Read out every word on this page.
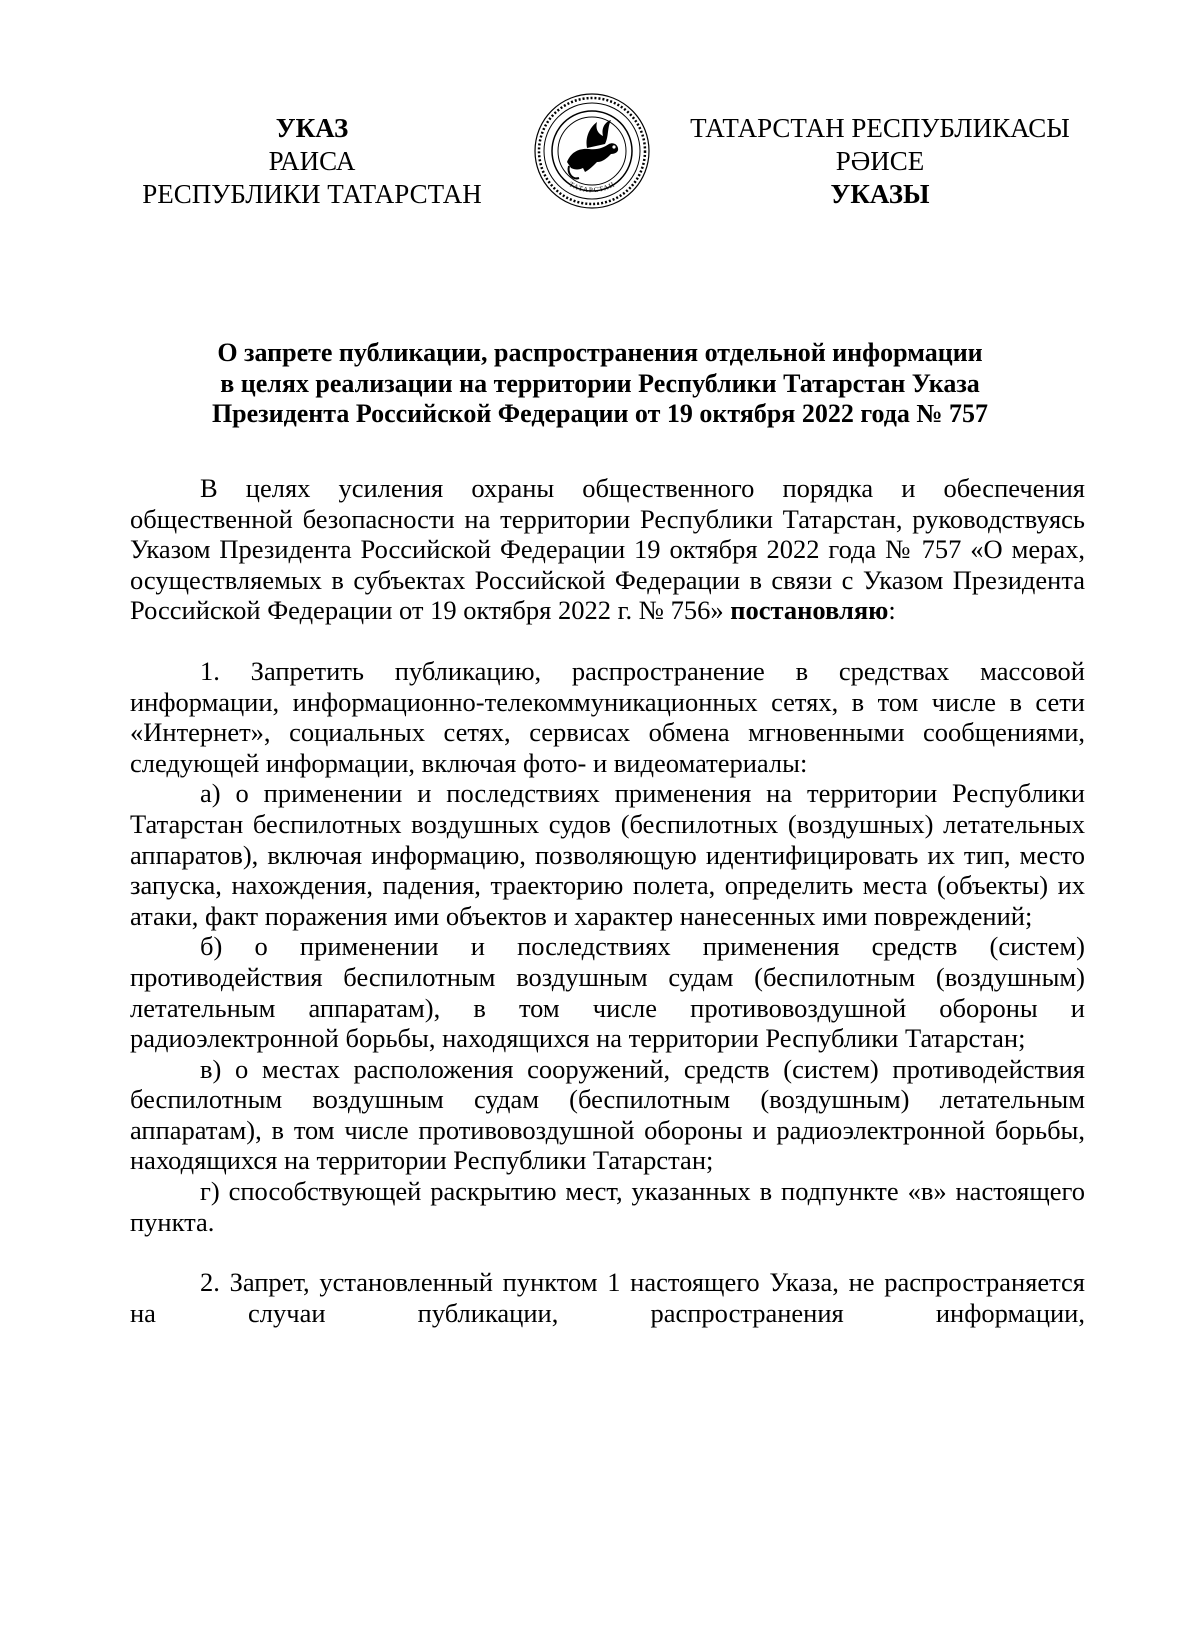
УКАЗ
РАИСА
РЕСПУБЛИКИ ТАТАРСТАН	ТАТАРСТАН
ТАТАРСТАН РЕСПУБЛИКАСЫ
РӘИСЕ
УКАЗЫ
О запрете публикации, распространения отдельной информации
в целях реализации на территории Республики Татарстан Указа
Президента Российской Федерации от 19 октября 2022 года № 757

В целях усиления охраны общественного порядка и обеспечения общественной безопасности на территории Республики Татарстан, руководствуясь Указом Президента Российской Федерации 19 октября 2022 года № 757 «О мерах, осуществляемых в субъектах Российской Федерации в связи с Указом Президента Российской Федерации от 19 октября 2022 г. № 756» постановляю:

1. Запретить публикацию, распространение в средствах массовой информации, информационно-телекоммуникационных сетях, в том числе в сети «Интернет», социальных сетях, сервисах обмена мгновенными сообщениями, следующей информации, включая фото- и видеоматериалы:

а) о применении и последствиях применения на территории Республики Татарстан беспилотных воздушных судов (беспилотных (воздушных) летательных аппаратов), включая информацию, позволяющую идентифицировать их тип, место запуска, нахождения, падения, траекторию полета, определить места (объекты) их атаки, факт поражения ими объектов и характер нанесенных ими повреждений;

б) о применении и последствиях применения средств (систем) противодействия беспилотным воздушным судам (беспилотным (воздушным) летательным аппаратам), в том числе противовоздушной обороны и радиоэлектронной борьбы, находящихся на территории Республики Татарстан;

в) о местах расположения сооружений, средств (систем) противодействия беспилотным воздушным судам (беспилотным (воздушным) летательным аппаратам), в том числе противовоздушной обороны и радиоэлектронной борьбы, находящихся на территории Республики Татарстан;

г) способствующей раскрытию мест, указанных в подпункте «в» настоящего пункта.

2. Запрет, установленный пунктом 1 настоящего Указа, не распространяется на случаи публикации, распространения информации,
